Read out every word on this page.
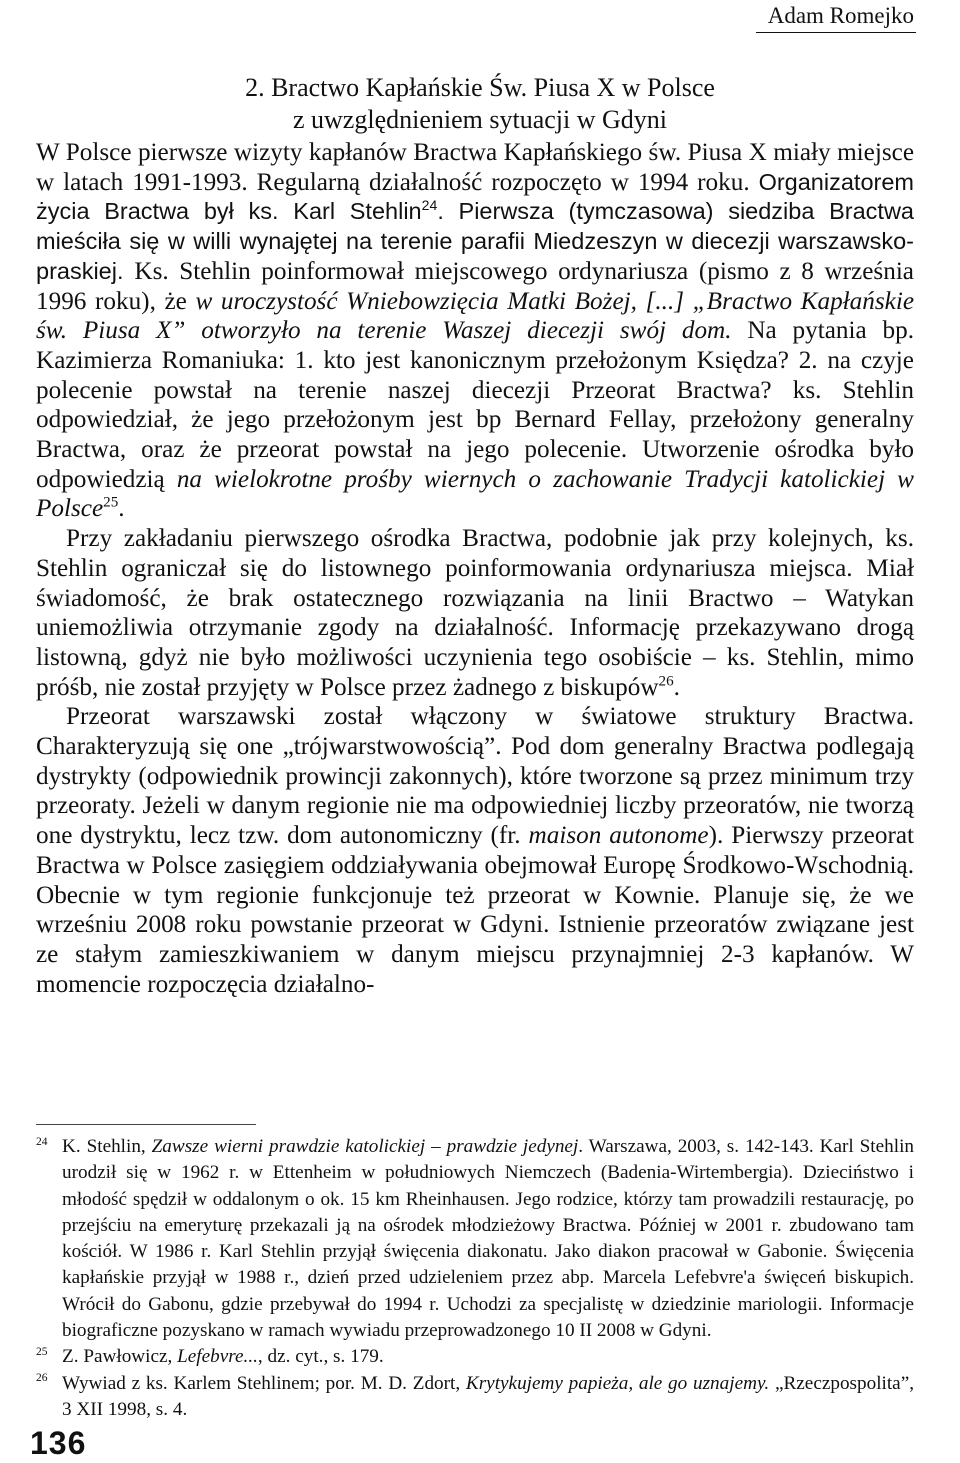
Adam Romejko
2. Bractwo Kapłańskie Św. Piusa X w Polsce
z uwzględnieniem sytuacji w Gdyni

W Polsce pierwsze wizyty kapłanów Bractwa Kapłańskiego św. Piusa X miały miejsce w latach 1991-1993. Regularną działalność rozpoczęto w 1994 roku. Organizatorem życia Bractwa był ks. Karl Stehlin$^{24}$. Pierwsza (tymczasowa) siedziba Bractwa mieściła się w willi wynajętej na terenie parafii Miedzeszyn w diecezji warszawsko-praskiej. Ks. Stehlin poinformował miejscowego ordynariusza (pismo z 8 września 1996 roku), że w uroczystość Wniebowzięcia Matki Bożej, [...] „Bractwo Kapłańskie św. Piusa X” otworzyło na terenie Waszej diecezji swój dom. Na pytania bp. Kazimierza Romaniuka: 1. kto jest kanonicznym przełożonym Księdza? 2. na czyje polecenie powstał na terenie naszej diecezji Przeorat Bractwa? ks. Stehlin odpowiedział, że jego przełożonym jest bp Bernard Fellay, przełożony generalny Bractwa, oraz że przeorat powstał na jego polecenie. Utworzenie ośrodka było odpowiedzią na wielokrotne prośby wiernych o zachowanie Tradycji katolickiej w Polsce$^{25}$.

Przy zakładaniu pierwszego ośrodka Bractwa, podobnie jak przy kolejnych, ks. Stehlin ograniczał się do listownego poinformowania ordynariusza miejsca. Miał świadomość, że brak ostatecznego rozwiązania na linii Bractwo – Watykan uniemożliwia otrzymanie zgody na działalność. Informację przekazywano drogą listowną, gdyż nie było możliwości uczynienia tego osobiście – ks. Stehlin, mimo próśb, nie został przyjęty w Polsce przez żadnego z biskupów$^{26}$.

Przeorat warszawski został włączony w światowe struktury Bractwa. Charakteryzują się one „trójwarstwowością”. Pod dom generalny Bractwa podlegają dystrykty (odpowiednik prowincji zakonnych), które tworzone są przez minimum trzy przeoraty. Jeżeli w danym regionie nie ma odpowiedniej liczby przeoratów, nie tworzą one dystryktu, lecz tzw. dom autonomiczny (fr. maison autonome). Pierwszy przeorat Bractwa w Polsce zasięgiem oddziaływania obejmował Europę Środkowo-Wschodnią. Obecnie w tym regionie funkcjonuje też przeorat w Kownie. Planuje się, że we wrześniu 2008 roku powstanie przeorat w Gdyni. Istnienie przeoratów związane jest ze stałym zamieszkiwaniem w danym miejscu przynajmniej 2-3 kapłanów. W momencie rozpoczęcia działalno-

$^{24}$ K. Stehlin, Zawsze wierni prawdzie katolickiej – prawdzie jedynej. Warszawa, 2003, s. 142-143. Karl Stehlin urodził się w 1962 r. w Ettenheim w południowych Niemczech (Badenia-Wirtembergia). Dzieciństwo i młodość spędził w oddalonym o ok. 15 km Rheinhausen. Jego rodzice, którzy tam prowadzili restaurację, po przejściu na emeryturę przekazali ją na ośrodek młodzieżowy Bractwa. Później w 2001 r. zbudowano tam kościół. W 1986 r. Karl Stehlin przyjął święcenia diakonatu. Jako diakon pracował w Gabonie. Święcenia kapłańskie przyjął w 1988 r., dzień przed udzieleniem przez abp. Marcela Lefebvre'a święceń biskupich. Wrócił do Gabonu, gdzie przebywał do 1994 r. Uchodzi za specjalistę w dziedzinie mariologii. Informacje biograficzne pozyskano w ramach wywiadu przeprowadzonego 10 II 2008 w Gdyni.

$^{25}$ Z. Pawłowicz, Lefebvre..., dz. cyt., s. 179.

$^{26}$ Wywiad z ks. Karlem Stehlinem; por. M. D. Zdort, Krytykujemy papieża, ale go uznajemy. „Rzeczpospolita”, 3 XII 1998, s. 4.

136
